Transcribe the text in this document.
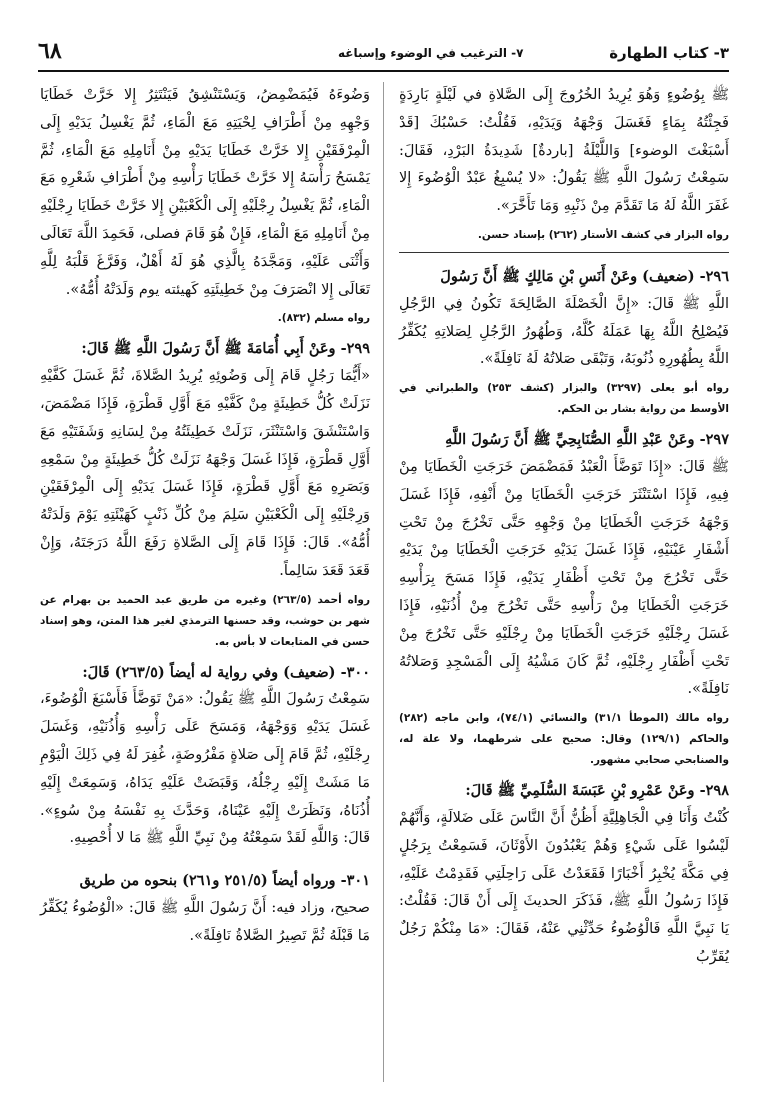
٣- كتاب الطهارة
٧- الترغيب في الوضوء وإسباغه
٦٨

ﷺ بِوُضُوءٍ وَهُوَ يُرِيدُ الخُرُوجَ إِلَى الصَّلاةِ في لَيْلَةٍ بَارِدَةٍ فَجِئْتُهُ بِمَاءٍ فَغَسَلَ وَجْهَهُ وَيَدَيْهِ، فَقُلْتُ: حَسْبُكَ [قَدْ أَسْبَغْتَ الوضوء] وَاللَّيْلَةُ [باردةٌ] شَدِيدَةُ البَرْدِ، فَقَالَ: سَمِعْتُ رَسُولَ اللَّهِ ﷺ يَقُولُ: «لا يُسْبِغُ عَبْدٌ الْوُضُوءَ إِلا غَفَرَ اللَّهُ لَهُ مَا تَقَدَّمَ مِنْ ذَنْبِهِ وَمَا تَأَخَّرَ».

رواه البزار في كشف الأستار (٢٦٢) بإسناد حسن.

٢٩٦- (ضعيف) وعَنْ أَنَسِ بْنِ مَالِكٍ ﷺ أَنَّ رَسُولَ

اللَّهِ ﷺ قَالَ: «إِنَّ الْخَصْلَةَ الصَّالِحَةَ تَكُونُ فِي الرَّجُلِ فَيُصْلِحُ اللَّهُ بِهَا عَمَلَهُ كُلَّهُ، وَطُهُورُ الرَّجُلِ لِصَلاتِهِ يُكَفِّرُ اللَّهُ بِطُهُورِهِ ذُنُوبَهُ، وَتَبْقَى صَلاتُهُ لَهُ نَافِلَةً».

رواه أبو يعلى (٣٢٩٧) والبزار (كشف ٢٥٣) والطبراني في الأوسط من رواية بشار بن الحكم.

٢٩٧- وعَنْ عَبْدِ اللَّهِ الصُّنَابِحِيِّ ﷺ أَنَّ رَسُولَ اللَّهِ

ﷺ قَالَ: «إِذَا تَوَضَّأَ الْعَبْدُ فَمَضْمَضَ خَرَجَتِ الْخَطَايَا مِنْ فِيهِ، فَإِذَا اسْتَنْثَرَ خَرَجَتِ الْخَطَايَا مِنْ أَنْفِهِ، فَإِذَا غَسَلَ وَجْهَهُ خَرَجَتِ الْخَطَايَا مِنْ وَجْهِهِ حَتَّى تَخْرُجَ مِنْ تَحْتِ أَشْفَارِ عَيْنَيْهِ، فَإِذَا غَسَلَ يَدَيْهِ خَرَجَتِ الْخَطَايَا مِنْ يَدَيْهِ حَتَّى تَخْرُجَ مِنْ تَحْتِ أَظْفَارِ يَدَيْهِ، فَإِذَا مَسَحَ بِرَأْسِهِ خَرَجَتِ الْخَطَايَا مِنْ رَأْسِهِ حَتَّى تَخْرُجَ مِنْ أُذُنَيْهِ، فَإِذَا غَسَلَ رِجْلَيْهِ خَرَجَتِ الْخَطَايَا مِنْ رِجْلَيْهِ حَتَّى تَخْرُجَ مِنْ تَحْتِ أَظْفَارِ رِجْلَيْهِ، ثُمَّ كَانَ مَشْيُهُ إِلَى الْمَسْجِدِ وَصَلاتُهُ نَافِلَةً».

رواه مالك (الموطأ ٣١/١) والنسائي (٧٤/١)، وابن ماجه (٢٨٢) والحاكم (١٢٩/١) وقال: صحيح على شرطهما، ولا علة له، والصنابحي صحابي مشهور.

٢٩٨- وعَنْ عَمْرِو بْنِ عَبَسَةَ السُّلَمِيِّ ﷺ قَالَ:

كُنْتُ وَأَنَا فِي الْجَاهِلِيَّةِ أَظُنُّ أَنَّ النَّاسَ عَلَى ضَلالَةٍ، وَأَنَّهُمْ لَيْسُوا عَلَى شَيْءٍ وَهُمْ يَعْبُدُونَ الأَوْثَانَ، فَسَمِعْتُ بِرَجُلٍ فِي مَكَّةَ يُخْبِرُ أَخْبَارًا فَقَعَدْتُ عَلَى رَاحِلَتِي فَقَدِمْتُ عَلَيْهِ، فَإِذَا رَسُولُ اللَّهِ ﷺ، فَذَكَرَ الحديثَ إِلَى أَنْ قَالَ: فَقُلْتُ: يَا نَبِيَّ اللَّهِ فَالْوُضُوءُ حَدِّثْنِي عَنْهُ، فَقَالَ: «مَا مِنْكُمْ رَجُلٌ يُقَرِّبُ

وَضُوءَهُ فَيُمَضْمِضُ، وَيَسْتَنْشِقُ فَيَنْتَثِرُ إِلا خَرَّتْ خَطَايَا وَجْهِهِ مِنْ أَطْرَافِ لِحْيَتِهِ مَعَ الْمَاءِ، ثُمَّ يَغْسِلُ يَدَيْهِ إِلَى الْمِرْفَقَيْنِ إِلا خَرَّتْ خَطَايَا يَدَيْهِ مِنْ أَنَامِلِهِ مَعَ الْمَاءِ، ثُمَّ يَمْسَحُ رَأْسَهُ إِلا خَرَّتْ خَطَايَا رَأْسِهِ مِنْ أَطْرَافِ شَعْرِهِ مَعَ الْمَاءِ، ثُمَّ يَغْسِلُ رِجْلَيْهِ إِلَى الْكَعْبَيْنِ إِلا خَرَّتْ خَطَايَا رِجْلَيْهِ مِنْ أَنَامِلِهِ مَعَ الْمَاءِ، فَإِنْ هُوَ قَامَ فصلى، فَحَمِدَ اللَّهَ تَعَالَى وَأَثْنَى عَلَيْهِ، وَمَجَّدَهُ بِالَّذِي هُوَ لَهُ أَهْلٌ، وَفَرَّغَ قَلْبَهُ لِلَّهِ تَعَالَى إِلا انْصَرَفَ مِنْ خَطِيئَتِهِ كَهيئته يوم وَلَدَتْهُ أُمُّهُ».

رواه مسلم (٨٣٢).

٢٩٩- وعَنْ أَبِي أُمَامَةَ ﷺ أَنَّ رَسُولَ اللَّهِ ﷺ قَالَ:

«أَيُّمَا رَجُلٍ قَامَ إِلَى وَضُوئِهِ يُرِيدُ الصَّلاةَ، ثُمَّ غَسَلَ كَفَّيْهِ نَزَلَتْ كُلُّ خَطِيئَةٍ مِنْ كَفَّيْهِ مَعَ أَوَّلِ قَطْرَةٍ، فَإِذَا مَضْمَضَ، وَاسْتَنْشَقَ وَاسْتَنْثَرَ، نَزَلَتْ خَطِيئَتُهُ مِنْ لِسَانِهِ وَشَفَتَيْهِ مَعَ أَوَّلِ قَطْرَةٍ، فَإِذَا غَسَلَ وَجْهَهُ نَزَلَتْ كُلُّ خَطِيئَةٍ مِنْ سَمْعِهِ وَبَصَرِهِ مَعَ أَوَّلِ قَطْرَةٍ، فَإِذَا غَسَلَ يَدَيْهِ إِلَى الْمِرْفَقَيْنِ وَرِجْلَيْهِ إِلَى الْكَعْبَيْنِ سَلِمَ مِنْ كُلِّ ذَنْبٍ كَهَيْئَتِهِ يَوْمَ وَلَدَتْهُ أُمُّهُ». قَالَ: فَإِذَا قَامَ إِلَى الصَّلاةِ رَفَعَ اللَّهُ دَرَجَتَهُ، وَإِنْ قَعَدَ قَعَدَ سَالِماً.

رواه أحمد (٢٦٣/٥) وغيره من طريق عبد الحميد بن بهرام عن شهر بن حوشب، وقد حسنها الترمذي لغير هذا المتن، وهو إسناد حسن في المتابعات لا بأس به.

٣٠٠- (ضعيف) وفي رواية له أيضاً (٢٦٣/٥) قَالَ:

سَمِعْتُ رَسُولَ اللَّهِ ﷺ يَقُولُ: «مَنْ تَوَضَّأَ فَأَسْبَغَ الْوُضُوءَ، غَسَلَ يَدَيْهِ وَوَجْهَهُ، وَمَسَحَ عَلَى رَأْسِهِ وَأُذُنَيْهِ، وَغَسَلَ رِجْلَيْهِ، ثُمَّ قَامَ إِلَى صَلاةٍ مَفْرُوضَةٍ، غُفِرَ لَهُ فِي ذَلِكَ الْيَوْمِ مَا مَشَتْ إِلَيْهِ رِجْلُهُ، وَقَبَضَتْ عَلَيْهِ يَدَاهُ، وَسَمِعَتْ إِلَيْهِ أُذُنَاهُ، وَنَظَرَتْ إِلَيْهِ عَيْنَاهُ، وَحَدَّثَ بِهِ نَفْسَهُ مِنْ سُوءٍ». قَالَ: وَاللَّهِ لَقَدْ سَمِعْتُهُ مِنْ نَبِيِّ اللَّهِ ﷺ مَا لا أُحْصِيهِ.

٣٠١- ورواه أيضاً (٢٥١/٥ و٢٦١) بنحوه من طريق

صحيح، وزاد فيه: أَنَّ رَسُولَ اللَّهِ ﷺ قَالَ: «الْوُضُوءُ يُكَفِّرُ مَا قَبْلَهُ ثُمَّ تَصِيرُ الصَّلاةُ نَافِلَةً».
